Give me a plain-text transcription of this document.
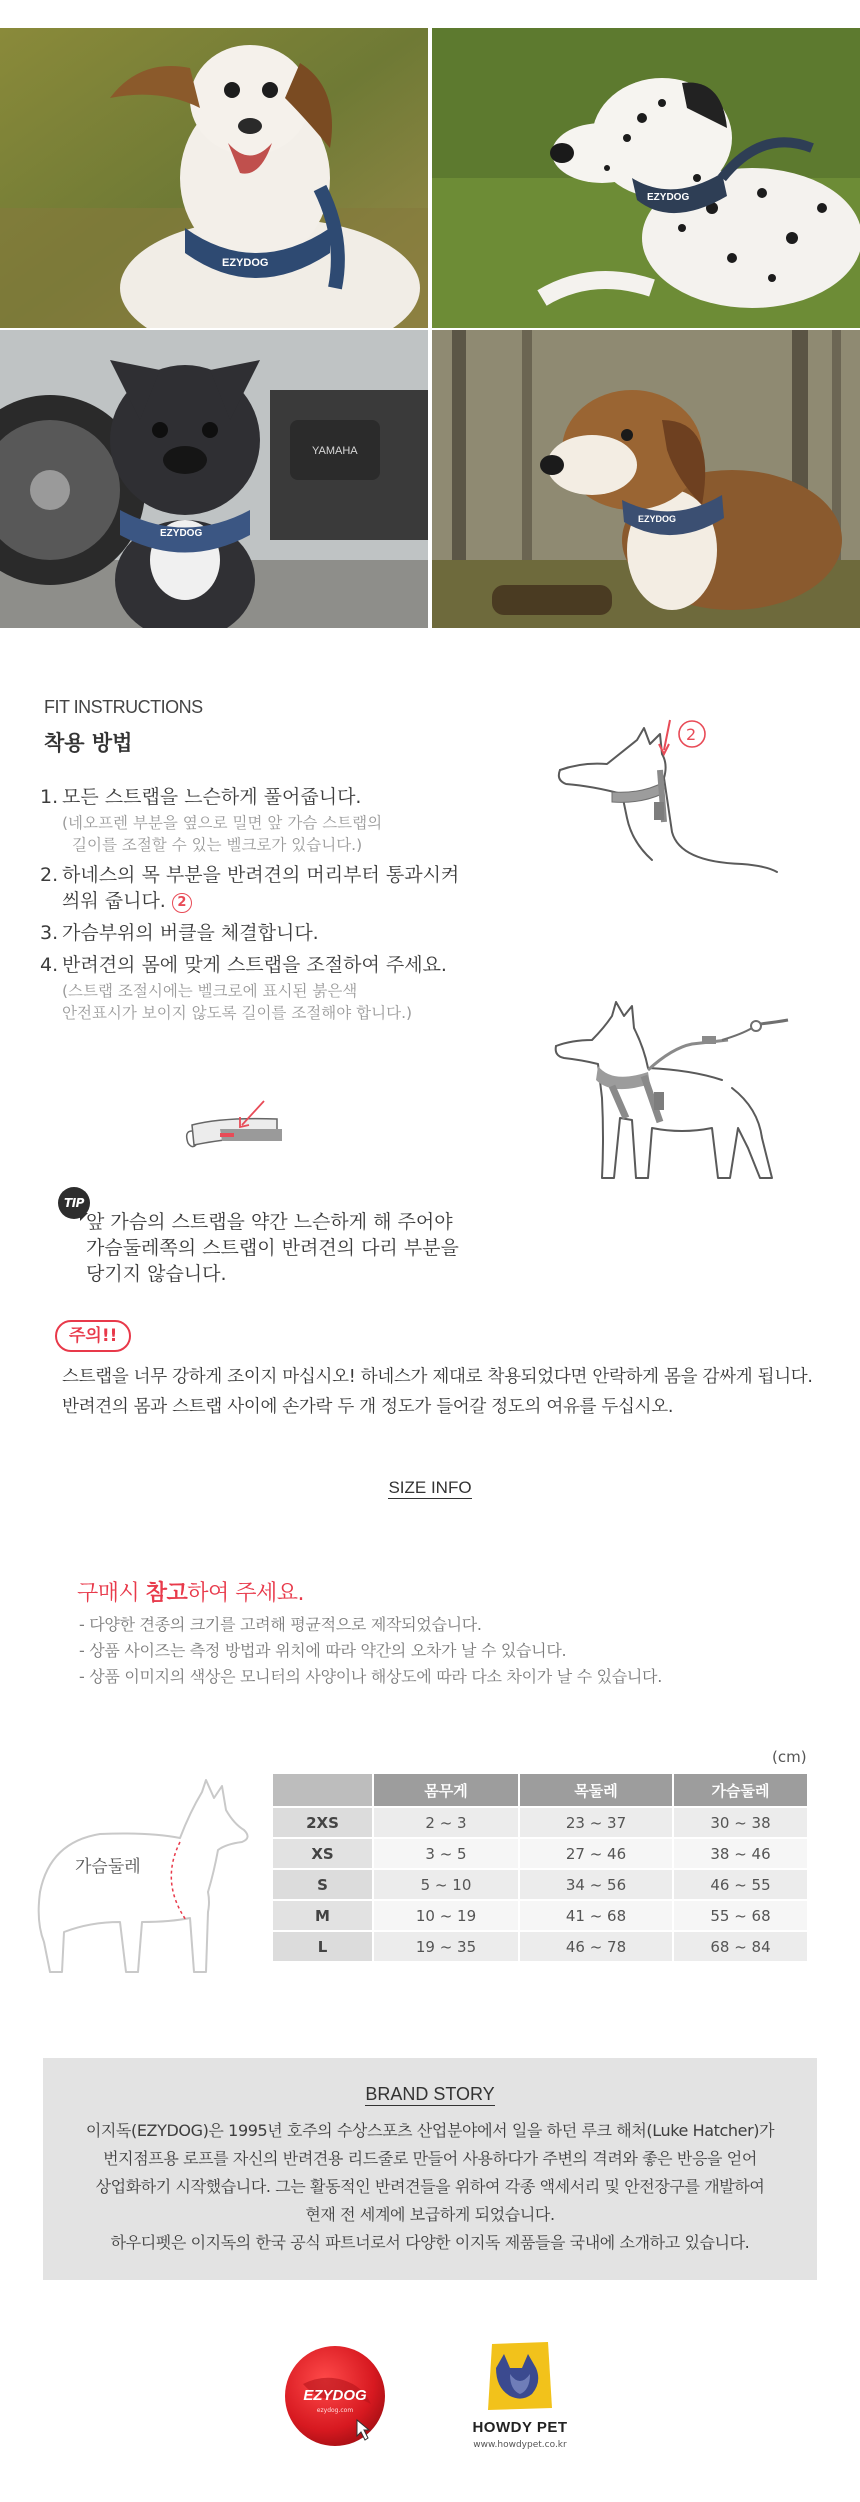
EZYDOG
EZYDOG
YAMAHA
EZYDOG
EZYDOG
FIT INSTRUCTIONS
착용 방법
1. 모든 스트랩을 느슨하게 풀어줍니다.
(네오프렌 부분을 옆으로 밀면 앞 가슴 스트랩의
길이를 조절할 수 있는 벨크로가 있습니다.)
2. 하네스의 목 부분을 반려견의 머리부터 통과시켜
씌워 줍니다. 2
3. 가슴부위의 버클을 체결합니다.
4. 반려견의 몸에 맞게 스트랩을 조절하여 주세요.
(스트랩 조절시에는 벨크로에 표시된 붉은색
안전표시가 보이지 않도록 길이를 조절해야 합니다.)
2
TIP
앞 가슴의 스트랩을 약간 느슨하게 해 주어야
가슴둘레쪽의 스트랩이 반려견의 다리 부분을
당기지 않습니다.
주의!!
스트랩을 너무 강하게 조이지 마십시오! 하네스가 제대로 착용되었다면 안락하게 몸을 감싸게 됩니다.
반려견의 몸과 스트랩 사이에 손가락 두 개 정도가 들어갈 정도의 여유를 두십시오.
SIZE INFO
구매시 참고하여 주세요.
- 다양한 견종의 크기를 고려해 평균적으로 제작되었습니다.
- 상품 사이즈는 측정 방법과 위치에 따라 약간의 오차가 날 수 있습니다.
- 상품 이미지의 색상은 모니터의 사양이나 해상도에 따라 다소 차이가 날 수 있습니다.
가슴둘레
(cm)
	몸무게	목둘레	가슴둘레
2XS	2 ~ 3	23 ~ 37	30 ~ 38
XS	3 ~ 5	27 ~ 46	38 ~ 46
S	5 ~ 10	34 ~ 56	46 ~ 55
M	10 ~ 19	41 ~ 68	55 ~ 68
L	19 ~ 35	46 ~ 78	68 ~ 84
BRAND STORY
이지독(EZYDOG)은 1995년 호주의 수상스포츠 산업분야에서 일을 하던 루크 해처(Luke Hatcher)가
번지점프용 로프를 자신의 반려견용 리드줄로 만들어 사용하다가 주변의 격려와 좋은 반응을 얻어
상업화하기 시작했습니다. 그는 활동적인 반려견들을 위하여 각종 액세서리 및 안전장구를 개발하여
현재 전 세계에 보급하게 되었습니다.
하우디펫은 이지독의 한국 공식 파트너로서 다양한 이지독 제품들을 국내에 소개하고 있습니다.
EZYDOG
ezydog.com
HOWDY PET
www.howdypet.co.kr
